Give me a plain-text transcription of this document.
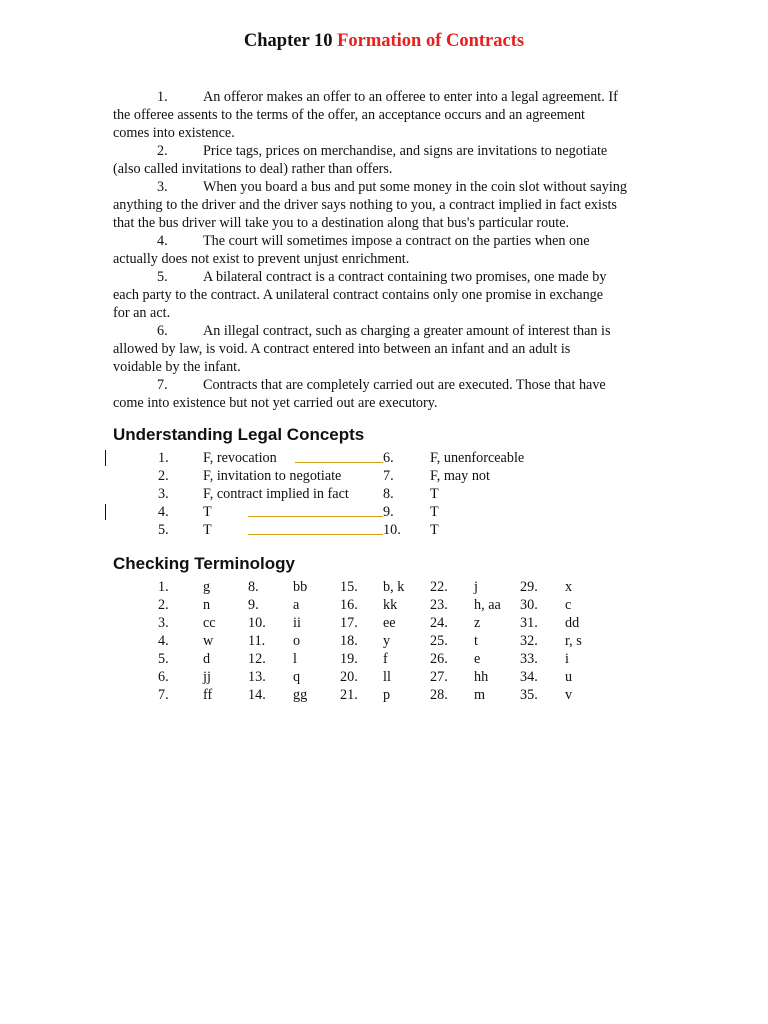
Chapter 10 Formation of Contracts
1. An offeror makes an offer to an offeree to enter into a legal agreement. If
the offeree assents to the terms of the offer, an acceptance occurs and an agreement
comes into existence.
2. Price tags, prices on merchandise, and signs are invitations to negotiate
(also called invitations to deal) rather than offers.
3. When you board a bus and put some money in the coin slot without saying
anything to the driver and the driver says nothing to you, a contract implied in fact exists
that the bus driver will take you to a destination along that bus's particular route.
4. The court will sometimes impose a contract on the parties when one
actually does not exist to prevent unjust enrichment.
5. A bilateral contract is a contract containing two promises, one made by
each party to the contract. A unilateral contract contains only one promise in exchange
for an act.
6. An illegal contract, such as charging a greater amount of interest than is
allowed by law, is void. A contract entered into between an infant and an adult is
voidable by the infant.
7. Contracts that are completely carried out are executed. Those that have
come into existence but not yet carried out are executory.
Understanding Legal Concepts
1. F, revocation	6.	F, unenforceable
2. F, invitation to negotiate	7.	F, may not
3. F, contract implied in fact 8.	T
4. T	9.	T
5. T	10. T
Checking Terminology
1.	g	8.	bb 15.	b, k 22.	j	29.	x
2.	n	9.	a	16.	kk 23.	h, aa 30.	c
3.	cc 10.	ii	17.	ee 24.	z	31.	dd
4.	w 11.	o	18.	y	25.	t	32.	r, s
5.	d	12.	l	19.	f	26.	e	33.	i
6.	jj	13.	q	20.	ll	27.	hh 34.	u
7.	ff	14.	gg 21.	p	28.	m 35.	v
